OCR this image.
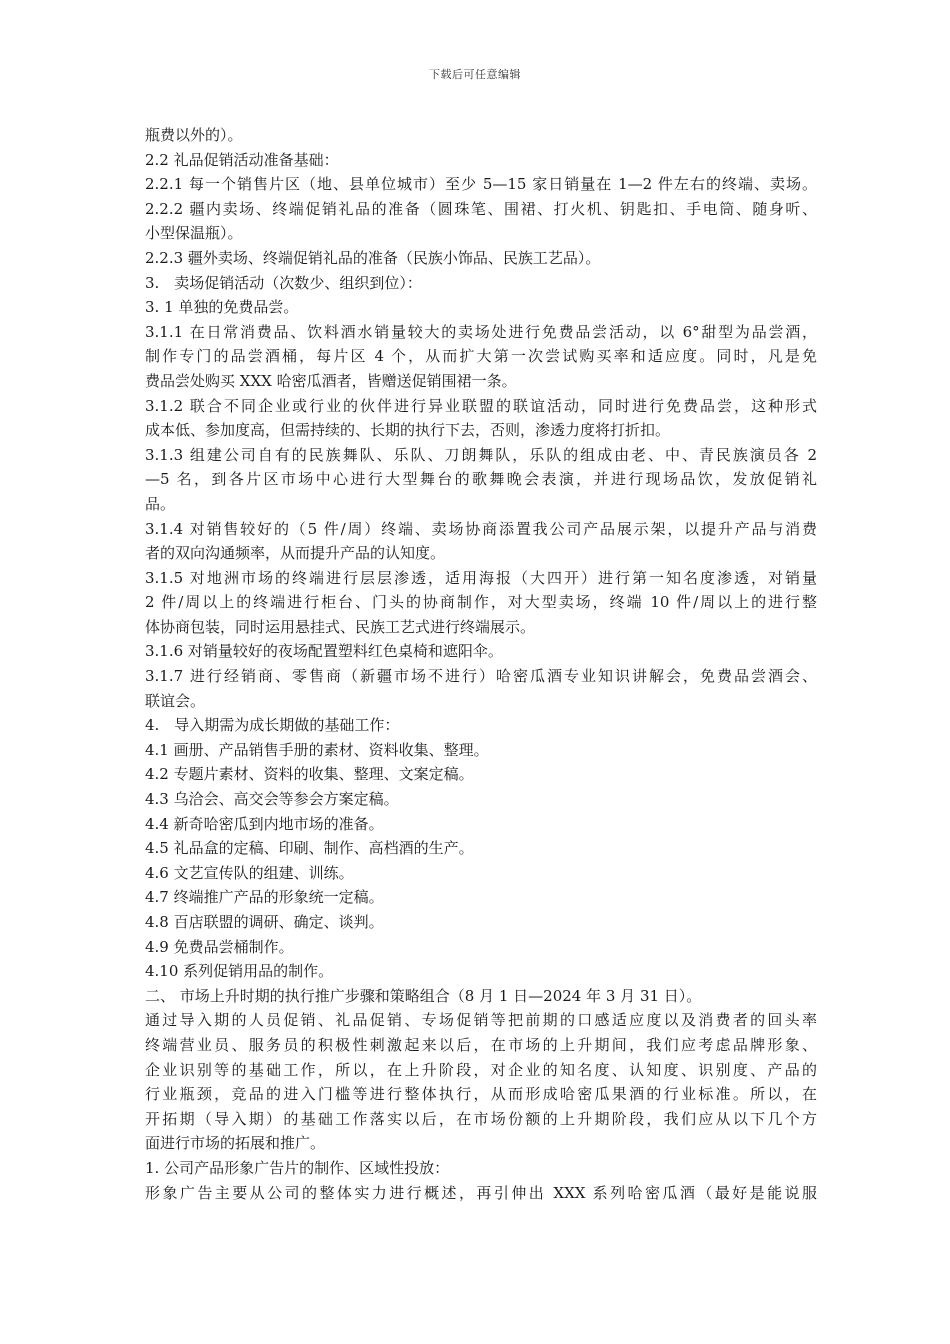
下载后可任意编辑
瓶费以外的）。
2.2 礼品促销活动准备基础：
2.2.1 每一个销售片区（地、县单位城市）至少 5—15 家日销量在 1—2 件左右的终端、卖场。
2.2.2 疆内卖场、终端促销礼品的准备（圆珠笔、围裙、打火机、钥匙扣、手电筒、随身听、
小型保温瓶）。
2.2.3 疆外卖场、终端促销礼品的准备（民族小饰品、民族工艺品）。
3.　卖场促销活动（次数少、组织到位）：
3. 1 单独的免费品尝。
3.1.1 在日常消费品、饮料酒水销量较大的卖场处进行免费品尝活动，以 6°甜型为品尝酒，
制作专门的品尝酒桶，每片区 4 个，从而扩大第一次尝试购买率和适应度。同时，凡是免
费品尝处购买 XXX 哈密瓜酒者，皆赠送促销围裙一条。
3.1.2 联合不同企业或行业的伙伴进行异业联盟的联谊活动，同时进行免费品尝，这种形式
成本低、参加度高，但需持续的、长期的执行下去，否则，渗透力度将打折扣。
3.1.3 组建公司自有的民族舞队、乐队、刀朗舞队，乐队的组成由老、中、青民族演员各 2
—5 名，到各片区市场中心进行大型舞台的歌舞晚会表演，并进行现场品饮，发放促销礼
品。
3.1.4 对销售较好的（5 件/周）终端、卖场协商添置我公司产品展示架，以提升产品与消费
者的双向沟通频率，从而提升产品的认知度。
3.1.5 对地洲市场的终端进行层层渗透，适用海报（大四开）进行第一知名度渗透，对销量
2 件/周以上的终端进行柜台、门头的协商制作，对大型卖场，终端 10 件/周以上的进行整
体协商包装，同时运用悬挂式、民族工艺式进行终端展示。
3.1.6 对销量较好的夜场配置塑料红色桌椅和遮阳伞。
3.1.7 进行经销商、零售商（新疆市场不进行）哈密瓜酒专业知识讲解会，免费品尝酒会、
联谊会。
4.　导入期需为成长期做的基础工作：
4.1 画册、产品销售手册的素材、资料收集、整理。
4.2 专题片素材、资料的收集、整理、文案定稿。
4.3 乌洽会、高交会等参会方案定稿。
4.4 新奇哈密瓜到内地市场的准备。
4.5 礼品盒的定稿、印刷、制作、高档酒的生产。
4.6 文艺宣传队的组建、训练。
4.7 终端推广产品的形象统一定稿。
4.8 百店联盟的调研、确定、谈判。
4.9 免费品尝桶制作。
4.10 系列促销用品的制作。
二、 市场上升时期的执行推广步骤和策略组合（8 月 1 日—2024 年 3 月 31 日）。
通过导入期的人员促销、礼品促销、专场促销等把前期的口感适应度以及消费者的回头率
终端营业员、服务员的积极性刺激起来以后，在市场的上升期间，我们应考虑品牌形象、
企业识别等的基础工作，所以，在上升阶段，对企业的知名度、认知度、识别度、产品的
行业瓶颈，竞品的进入门槛等进行整体执行，从而形成哈密瓜果酒的行业标准。所以，在
开拓期（导入期）的基础工作落实以后，在市场份额的上升期阶段，我们应从以下几个方
面进行市场的拓展和推广。
1. 公司产品形象广告片的制作、区域性投放：
形象广告主要从公司的整体实力进行概述，再引伸出 XXX 系列哈密瓜酒（最好是能说服
